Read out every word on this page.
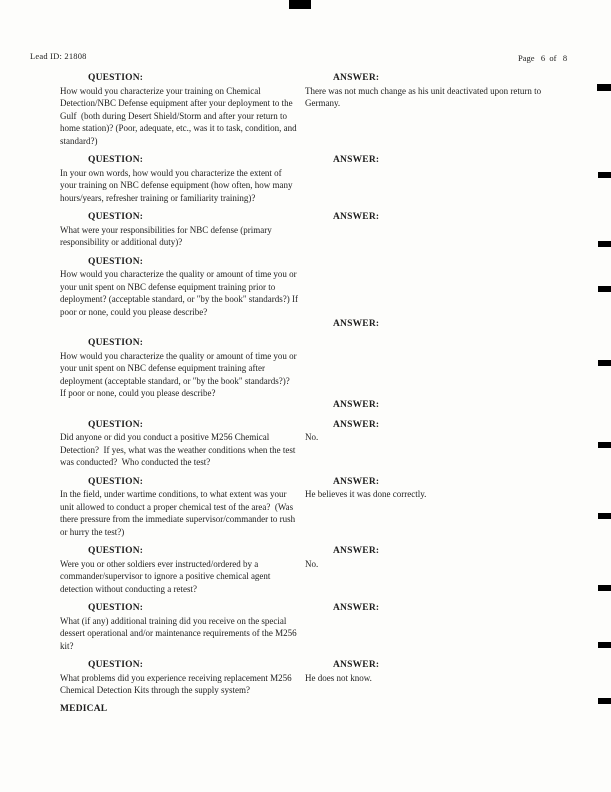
Lead ID: 21808	Page   6  of   8
QUESTION:
How would you characterize your training on Chemical Detection/NBC Defense equipment after your deployment to the Gulf  (both during Desert Shield/Storm and after your return to home station)? (Poor, adequate, etc., was it to task, condition, and standard?)
ANSWER:
There was not much change as his unit deactivated upon return to Germany.
QUESTION:
In your own words, how would you characterize the extent of your training on NBC defense equipment (how often, how many hours/years, refresher training or familiarity training)?
ANSWER:
QUESTION:
What were your responsibilities for NBC defense (primary responsibility or additional duty)?
ANSWER:
QUESTION:
How would you characterize the quality or amount of time you or your unit spent on NBC defense equipment training prior to deployment? (acceptable standard, or "by the book" standards?) If poor or none, could you please describe?
ANSWER:
QUESTION:
How would you characterize the quality or amount of time you or your unit spent on NBC defense equipment training after deployment (acceptable standard, or "by the book" standards?)?  If poor or none, could you please describe?
ANSWER:
QUESTION:
Did anyone or did you conduct a positive M256 Chemical Detection?  If yes, what was the weather conditions when the test was conducted?  Who conducted the test?
ANSWER:
No.
QUESTION:
In the field, under wartime conditions, to what extent was your unit allowed to conduct a proper chemical test of the area?  (Was there pressure from the immediate supervisor/commander to rush or hurry the test?)
ANSWER:
He believes it was done correctly.
QUESTION:
Were you or other soldiers ever instructed/ordered by a commander/supervisor to ignore a positive chemical agent detection without conducting a retest?
ANSWER:
No.
QUESTION:
What (if any) additional training did you receive on the special dessert operational and/or maintenance requirements of the M256 kit?
ANSWER:
QUESTION:
What problems did you experience receiving replacement M256 Chemical Detection Kits through the supply system?
ANSWER:
He does not know.
MEDICAL
